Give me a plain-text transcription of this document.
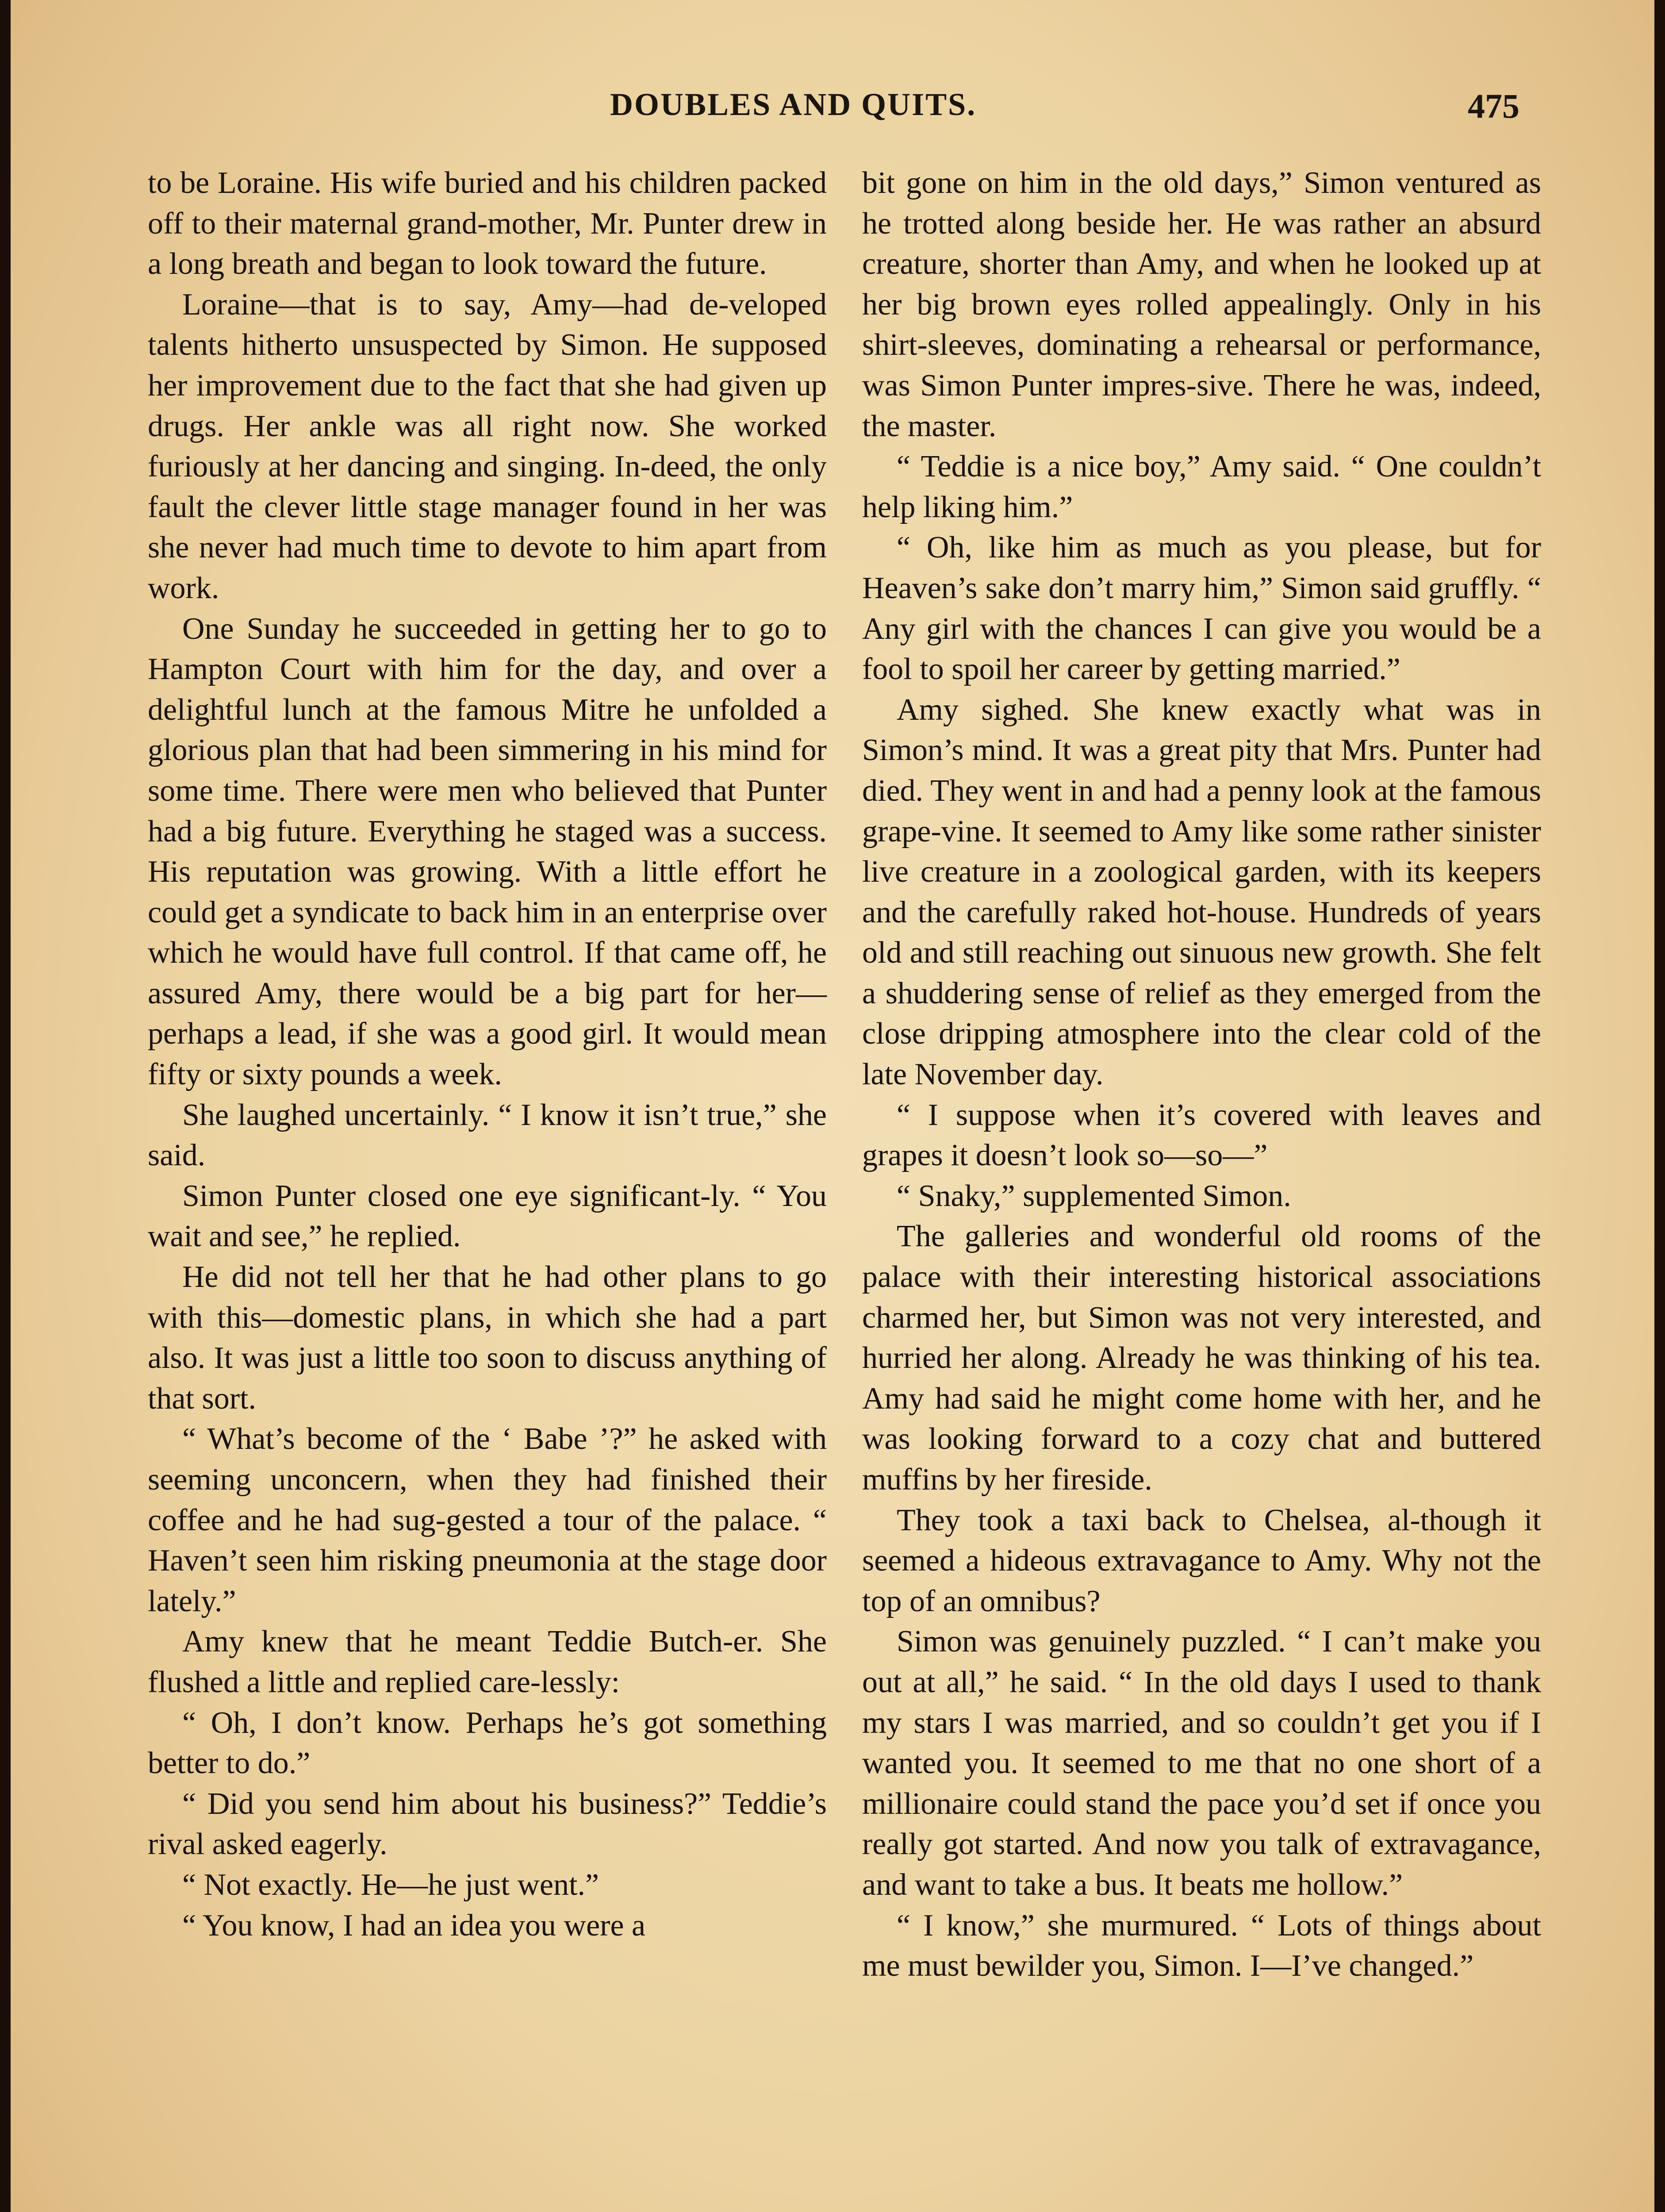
DOUBLES AND QUITS.	475

to be Loraine. His wife buried and his children packed off to their maternal grand-mother, Mr. Punter drew in a long breath and began to look toward the future.

Loraine—that is to say, Amy—had de-veloped talents hitherto unsuspected by Simon. He supposed her improvement due to the fact that she had given up drugs. Her ankle was all right now. She worked furiously at her dancing and singing. In-deed, the only fault the clever little stage manager found in her was she never had much time to devote to him apart from work.

One Sunday he succeeded in getting her to go to Hampton Court with him for the day, and over a delightful lunch at the famous Mitre he unfolded a glorious plan that had been simmering in his mind for some time. There were men who believed that Punter had a big future. Everything he staged was a success. His reputation was growing. With a little effort he could get a syndicate to back him in an enterprise over which he would have full control. If that came off, he assured Amy, there would be a big part for her—perhaps a lead, if she was a good girl. It would mean fifty or sixty pounds a week.

She laughed uncertainly. “ I know it isn’t true,” she said.

Simon Punter closed one eye significant-ly. “ You wait and see,” he replied.

He did not tell her that he had other plans to go with this—domestic plans, in which she had a part also. It was just a little too soon to discuss anything of that sort.

“ What’s become of the ‘ Babe ’?” he asked with seeming unconcern, when they had finished their coffee and he had sug-gested a tour of the palace. “ Haven’t seen him risking pneumonia at the stage door lately.”

Amy knew that he meant Teddie Butch-er. She flushed a little and replied care-lessly:

“ Oh, I don’t know. Perhaps he’s got something better to do.”

“ Did you send him about his business?” Teddie’s rival asked eagerly.

“ Not exactly. He—he just went.”

“ You know, I had an idea you were a

bit gone on him in the old days,” Simon ventured as he trotted along beside her. He was rather an absurd creature, shorter than Amy, and when he looked up at her big brown eyes rolled appealingly. Only in his shirt-sleeves, dominating a rehearsal or performance, was Simon Punter impres-sive. There he was, indeed, the master.

“ Teddie is a nice boy,” Amy said. “ One couldn’t help liking him.”

“ Oh, like him as much as you please, but for Heaven’s sake don’t marry him,” Simon said gruffly. “ Any girl with the chances I can give you would be a fool to spoil her career by getting married.”

Amy sighed. She knew exactly what was in Simon’s mind. It was a great pity that Mrs. Punter had died. They went in and had a penny look at the famous grape-vine. It seemed to Amy like some rather sinister live creature in a zoological garden, with its keepers and the carefully raked hot-house. Hundreds of years old and still reaching out sinuous new growth. She felt a shuddering sense of relief as they emerged from the close dripping atmosphere into the clear cold of the late November day.

“ I suppose when it’s covered with leaves and grapes it doesn’t look so—so—”

“ Snaky,” supplemented Simon.

The galleries and wonderful old rooms of the palace with their interesting historical associations charmed her, but Simon was not very interested, and hurried her along. Already he was thinking of his tea. Amy had said he might come home with her, and he was looking forward to a cozy chat and buttered muffins by her fireside.

They took a taxi back to Chelsea, al-though it seemed a hideous extravagance to Amy. Why not the top of an omnibus?

Simon was genuinely puzzled. “ I can’t make you out at all,” he said. “ In the old days I used to thank my stars I was married, and so couldn’t get you if I wanted you. It seemed to me that no one short of a millionaire could stand the pace you’d set if once you really got started. And now you talk of extravagance, and want to take a bus. It beats me hollow.”

“ I know,” she murmured. “ Lots of things about me must bewilder you, Simon. I—I’ve changed.”
